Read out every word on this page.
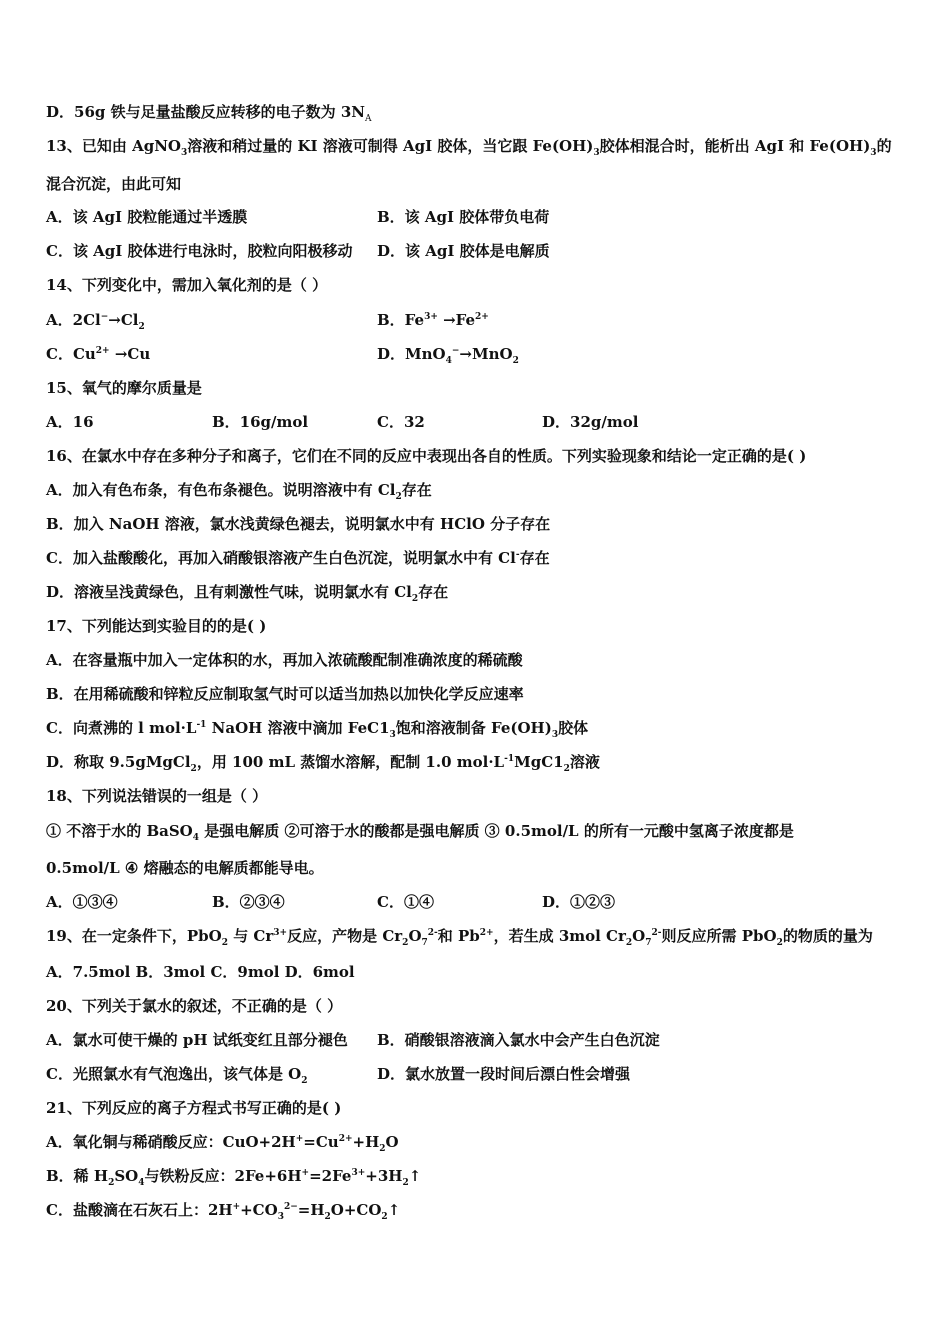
D．56g 铁与足量盐酸反应转移的电子数为 $3N_A$
13、已知由 AgNO$_3$溶液和稍过量的 KI 溶液可制得 AgI 胶体，当它跟 $Fe(OH)_3$胶体相混合时，能析出 AgI 和 $Fe(OH)_3$的
混合沉淀，由此可知
A．该 AgI 胶粒能通过半透膜	B．该 AgI 胶体带负电荷
C．该 AgI 胶体进行电泳时，胶粒向阳极移动 D．该 AgI 胶体是电解质
14、下列变化中，需加入氧化剂的是（ ）
A．$2Cl^-\to Cl_2$	B．$Fe^{3+} \to Fe^{2+}$
C．$Cu^{2+} \to Cu$	D．MnO$_4$−→MnO$_2$
15、氧气的摩尔质量是
A．16	B．16g/mol	C．32	D．32g/mol
16、在氯水中存在多种分子和离子，它们在不同的反应中表现出各自的性质。下列实验现象和结论一定正确的是( )
A．加入有色布条，有色布条褪色。说明溶液中有 $Cl_2$存在
B．加入 NaOH 溶液，氯水浅黄绿色褪去，说明氯水中有 HClO 分子存在
C．加入盐酸酸化，再加入硝酸银溶液产生白色沉淀，说明氯水中有 Cl-存在
D．溶液呈浅黄绿色，且有刺激性气味，说明氯水有 $Cl_2$存在
17、下列能达到实验目的的是( )
A．在容量瓶中加入一定体积的水，再加入浓硫酸配制准确浓度的稀硫酸
B．在用稀硫酸和锌粒反应制取氢气时可以适当加热以加快化学反应速率
C．向煮沸的 l $mol\cdot L^{-1}$ NaOH 溶液中滴加 $FeC1_3$饱和溶液制备 $Fe(OH)_3$胶体
D．称取 9.5gMgCl$_2$，用 100 mL 蒸馏水溶解，配制 1.0 $mol\cdot L^{-1}MgC1_2$溶液
18、下列说法错误的一组是（ ）
① 不溶于水的 BaSO$_4$ 是强电解质 ②可溶于水的酸都是强电解质 ③ 0.5mol/L 的所有一元酸中氢离子浓度都是
0.5mol/L ④ 熔融态的电解质都能导电。
A．①③④	B．②③④	C．①④	D．①②③
19、在一定条件下，PbO$_2$ 与 $Cr^{3+}$反应，产物是 $Cr_2O_7^{2-}$和 $Pb^{2+}$，若生成 3mol $Cr_2O_7^{2-}$则反应所需 PbO$_2$的物质的量为
A．7.5mol B．3mol C．9mol D．6mol
20、下列关于氯水的叙述，不正确的是（ ）
A．氯水可使干燥的 pH 试纸变红且部分褪色 B．硝酸银溶液滴入氯水中会产生白色沉淀
C．光照氯水有气泡逸出，该气体是 $O_2$	D．氯水放置一段时间后漂白性会增强
21、下列反应的离子方程式书写正确的是( )
A．氧化铜与稀硝酸反应：$CuO+2H^+=Cu^{2+}+H_2O$
B．稀 $H_2SO_4$与铁粉反应：$2Fe+6H^+=2Fe^{3+}+3H_2↑$
C．盐酸滴在石灰石上：$2H^++CO_3^{2-}=H_2O+CO_2↑$
